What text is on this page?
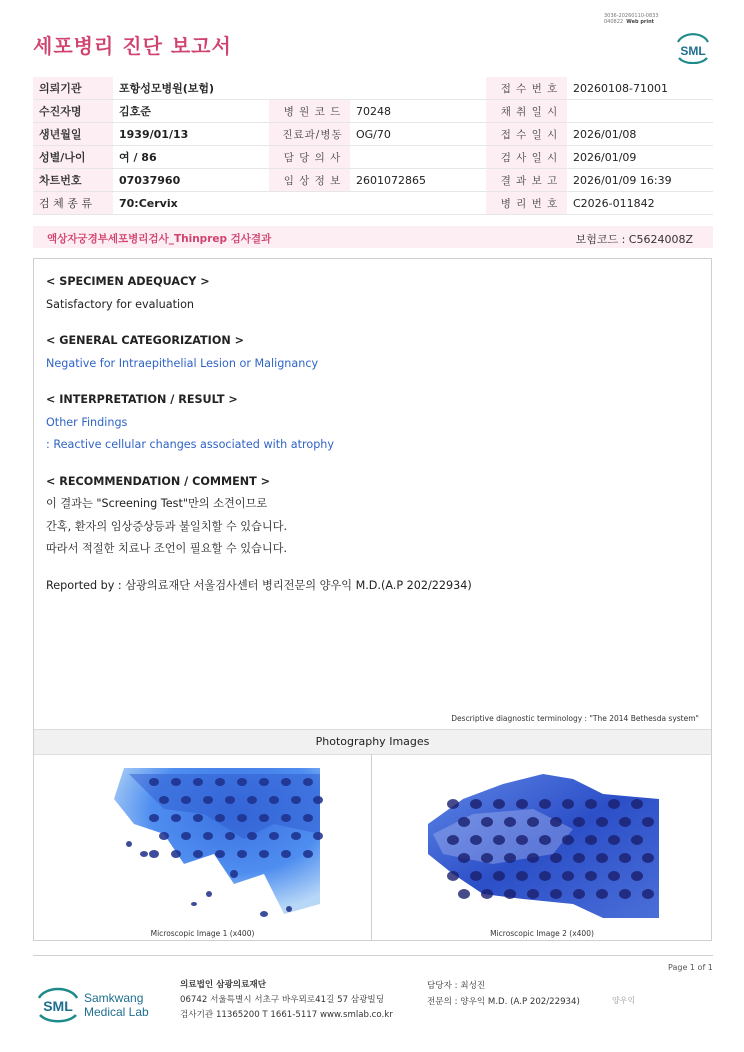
세포병리 진단 보고서
3036-20260110-0833
040822 Web print
SML
의뢰기관	포항성모병원(보험)			접 수 번 호	20260108-71001
수진자명	김호준	병 원 코 드	70248	채 취 일 시	
생년월일	1939/01/13	진료과/병동	OG/70	접 수 일 시	2026/01/08
성별/나이	여 / 86	담 당 의 사		검 사 일 시	2026/01/09
차트번호	07037960	임 상 정 보	2601072865	결 과 보 고	2026/01/09 16:39
검 체 종 류	70:Cervix			병 리 번 호	C2026-011842
액상자궁경부세포병리검사_Thinprep 검사결과	보험코드 : C5624008Z
< SPECIMEN ADEQUACY >
Satisfactory for evaluation
< GENERAL CATEGORIZATION >
Negative for Intraepithelial Lesion or Malignancy
< INTERPRETATION / RESULT >
Other Findings
: Reactive cellular changes associated with atrophy
< RECOMMENDATION / COMMENT >
이 결과는 "Screening Test"만의 소견이므로
간혹, 환자의 임상증상등과 불일치할 수 있습니다.
따라서 적절한 치료나 조언이 필요할 수 있습니다.
Reported by : 삼광의료재단 서울검사센터 병리전문의 양우익 M.D.(A.P 202/22934)
Descriptive diagnostic terminology : "The 2014 Bethesda system"
Photography Images
Microscopic Image 1 (x400)	Microscopic Image 2 (x400)
Page 1 of 1
SML Samkwang
Medical Lab
의료법인 삼광의료재단
06742 서울특별시 서초구 바우뫼로41길 57 삼광빌딩
검사기관 11365200 T 1661-5117 www.smlab.co.kr
담당자 : 최성진
전문의 : 양우익 M.D. (A.P 202/22934)	양우익
